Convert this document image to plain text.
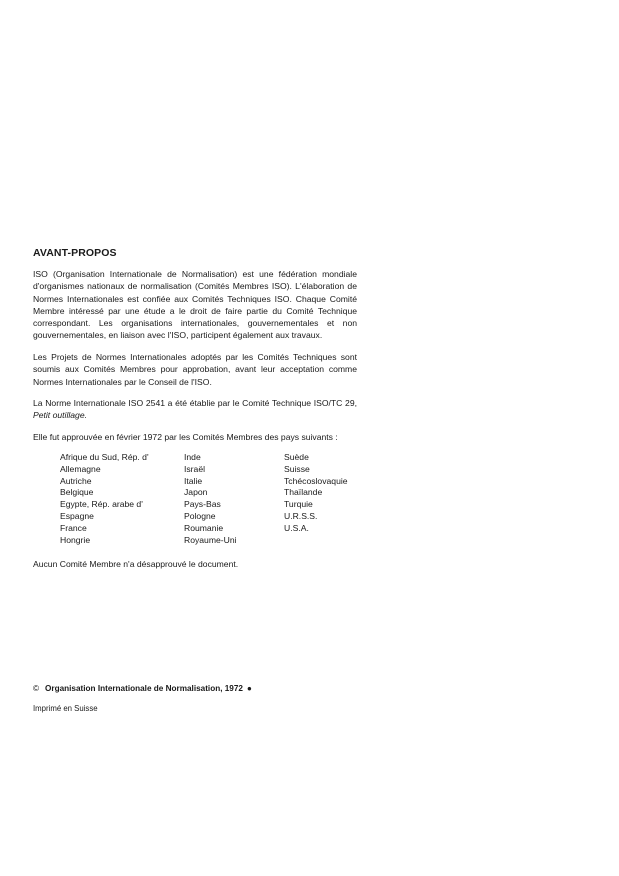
AVANT-PROPOS

ISO (Organisation Internationale de Normalisation) est une fédération mondiale d'organismes nationaux de normalisation (Comités Membres ISO). L'élaboration de Normes Internationales est confiée aux Comités Techniques ISO. Chaque Comité Membre intéressé par une étude a le droit de faire partie du Comité Technique correspondant. Les organisations internationales, gouvernementales et non gouvernementales, en liaison avec l'ISO, participent également aux travaux.

Les Projets de Normes Internationales adoptés par les Comités Techniques sont soumis aux Comités Membres pour approbation, avant leur acceptation comme Normes Internationales par le Conseil de l'ISO.

La Norme Internationale ISO 2541 a été établie par le Comité Technique ISO/TC 29, Petit outillage.

Elle fut approuvée en février 1972 par les Comités Membres des pays suivants :

Afrique du Sud, Rép. d'
Allemagne
Autriche
Belgique
Egypte, Rép. arabe d'
Espagne
France
Hongrie
Inde
Israël
Italie
Japon
Pays-Bas
Pologne
Roumanie
Royaume-Uni
Suède
Suisse
Tchécoslovaquie
Thaïlande
Turquie
U.R.S.S.
U.S.A.

Aucun Comité Membre n'a désapprouvé le document.

© Organisation Internationale de Normalisation, 1972 ●
Imprimé en Suisse
